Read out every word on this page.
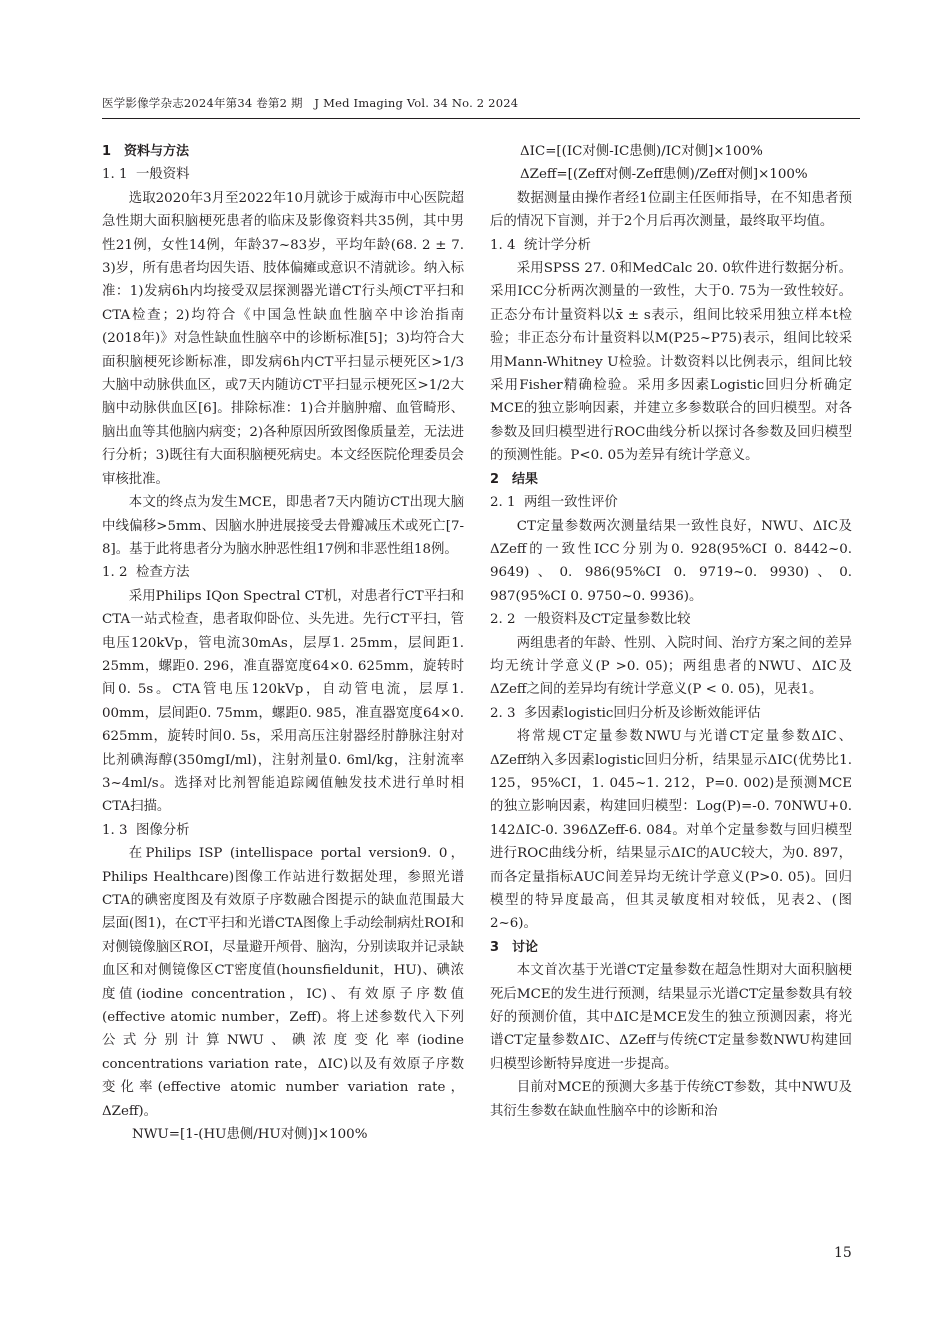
医学影像学杂志2024年第34 卷第2 期　J Med Imaging Vol. 34 No. 2 2024
1　资料与方法
1. 1 一般资料
选取2020年3月至2022年10月就诊于威海市中心医院超急性期大面积脑梗死患者的临床及影像资料共35例，其中男性21例，女性14例，年龄37~83岁，平均年龄(68. 2 ± 7. 3)岁，所有患者均因失语、肢体偏瘫或意识不清就诊。纳入标准：1)发病6h内均接受双层探测器光谱CT行头颅CT平扫和CTA检查；2)均符合《中国急性缺血性脑卒中诊治指南(2018年)》对急性缺血性脑卒中的诊断标准[5]；3)均符合大面积脑梗死诊断标准，即发病6h内CT平扫显示梗死区>1/3大脑中动脉供血区，或7天内随访CT平扫显示梗死区>1/2大脑中动脉供血区[6]。排除标准：1)合并脑肿瘤、血管畸形、脑出血等其他脑内病变；2)各种原因所致图像质量差，无法进行分析；3)既往有大面积脑梗死病史。本文经医院伦理委员会审核批准。
本文的终点为发生MCE，即患者7天内随访CT出现大脑中线偏移>5mm、因脑水肿进展接受去骨瓣减压术或死亡[7-8]。基于此将患者分为脑水肿恶性组17例和非恶性组18例。
1. 2 检查方法
采用Philips IQon Spectral CT机，对患者行CT平扫和CTA一站式检查，患者取仰卧位、头先进。先行CT平扫，管电压120kVp，管电流30mAs，层厚1. 25mm，层间距1. 25mm，螺距0. 296，准直器宽度64×0. 625mm，旋转时间0. 5s。CTA管电压120kVp，自动管电流，层厚1. 00mm，层间距0. 75mm，螺距0. 985，准直器宽度64×0. 625mm，旋转时间0. 5s，采用高压注射器经肘静脉注射对比剂碘海醇(350mgI/ml)，注射剂量0. 6ml/kg，注射流率3~4ml/s。选择对比剂智能追踪阈值触发技术进行单时相CTA扫描。
1. 3 图像分析
在Philips ISP (intellispace portal version9. 0，Philips Healthcare)图像工作站进行数据处理，参照光谱CTA的碘密度图及有效原子序数融合图提示的缺血范围最大层面(图1)，在CT平扫和光谱CTA图像上手动绘制病灶ROI和对侧镜像脑区ROI，尽量避开颅骨、脑沟，分别读取并记录缺血区和对侧镜像区CT密度值(hounsfieldunit，HU)、碘浓度值(iodine concentration，IC)、有效原子序数值(effective atomic number，Zeff)。将上述参数代入下列公式分别计算NWU、碘浓度变化率(iodine concentrations variation rate，ΔIC)以及有效原子序数变化率(effective atomic number variation rate，ΔZeff)。
NWU=[1-(HU患侧/HU对侧)]×100%
ΔIC=[(IC对侧-IC患侧)/IC对侧]×100%
ΔZeff=[(Zeff对侧-Zeff患侧)/Zeff对侧]×100%
数据测量由操作者经1位副主任医师指导，在不知患者预后的情况下盲测，并于2个月后再次测量，最终取平均值。
1. 4 统计学分析
采用SPSS 27. 0和MedCalc 20. 0软件进行数据分析。采用ICC分析两次测量的一致性，大于0. 75为一致性较好。正态分布计量资料以x̄ ± s表示，组间比较采用独立样本t检验；非正态分布计量资料以M(P25~P75)表示，组间比较采用Mann-Whitney U检验。计数资料以比例表示，组间比较采用Fisher精确检验。采用多因素Logistic回归分析确定MCE的独立影响因素，并建立多参数联合的回归模型。对各参数及回归模型进行ROC曲线分析以探讨各参数及回归模型的预测性能。P<0. 05为差异有统计学意义。
2　结果
2. 1 两组一致性评价
CT定量参数两次测量结果一致性良好，NWU、ΔIC及ΔZeff的一致性ICC分别为0. 928(95%CI 0. 8442~0. 9649)、0. 986(95%CI 0. 9719~0. 9930)、0. 987(95%CI 0. 9750~0. 9936)。
2. 2 一般资料及CT定量参数比较
两组患者的年龄、性别、入院时间、治疗方案之间的差异均无统计学意义(P >0. 05)；两组患者的NWU、ΔIC及ΔZeff之间的差异均有统计学意义(P < 0. 05)，见表1。
2. 3 多因素logistic回归分析及诊断效能评估
将常规CT定量参数NWU与光谱CT定量参数ΔIC、ΔZeff纳入多因素logistic回归分析，结果显示ΔIC(优势比1. 125，95%CI，1. 045~1. 212，P=0. 002)是预测MCE的独立影响因素，构建回归模型：Log(P)=-0. 70NWU+0. 142ΔIC-0. 396ΔZeff-6. 084。对单个定量参数与回归模型进行ROC曲线分析，结果显示ΔIC的AUC较大，为0. 897，而各定量指标AUC间差异均无统计学意义(P>0. 05)。回归模型的特异度最高，但其灵敏度相对较低，见表2、(图2~6)。
3　讨论
本文首次基于光谱CT定量参数在超急性期对大面积脑梗死后MCE的发生进行预测，结果显示光谱CT定量参数具有较好的预测价值，其中ΔIC是MCE发生的独立预测因素，将光谱CT定量参数ΔIC、ΔZeff与传统CT定量参数NWU构建回归模型诊断特异度进一步提高。
目前对MCE的预测大多基于传统CT参数，其中NWU及其衍生参数在缺血性脑卒中的诊断和治
15
